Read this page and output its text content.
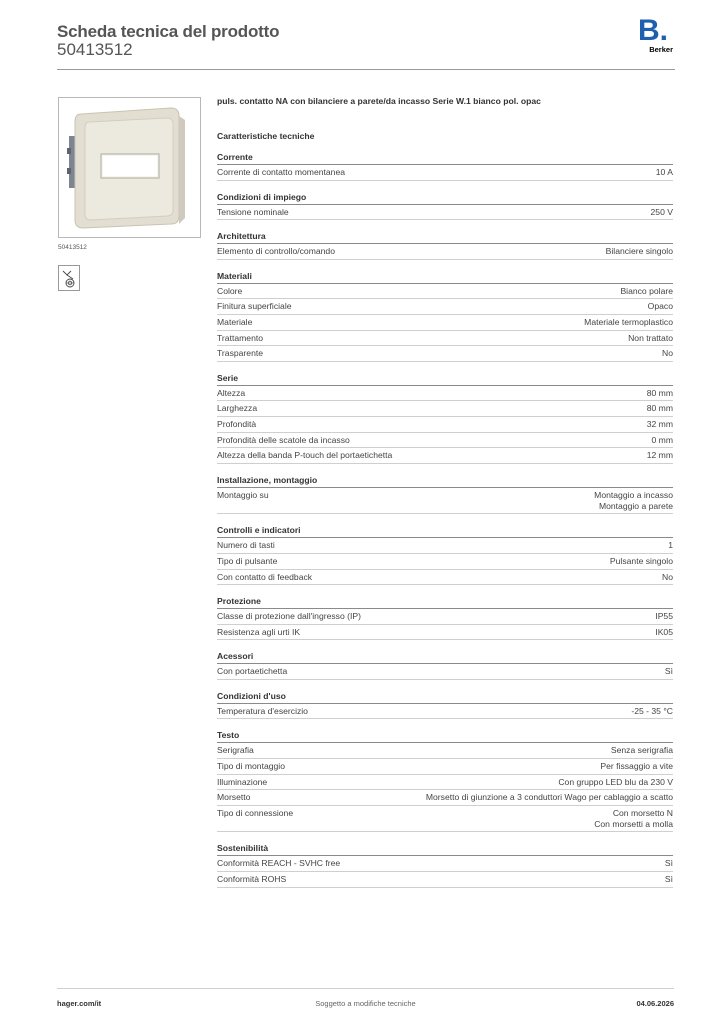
Scheda tecnica del prodotto
50413512
B.
Berker
50413512
puls. contatto NA con bilanciere a parete/da incasso Serie W.1 bianco pol. opac
Caratteristiche tecniche
Corrente
Corrente di contatto momentanea	10 A
Condizioni di impiego
Tensione nominale	250 V
Architettura
Elemento di controllo/comando	Bilanciere singolo
Materiali
Colore	Bianco polare
Finitura superficiale	Opaco
Materiale	Materiale termoplastico
Trattamento	Non trattato
Trasparente	No
Serie
Altezza	80 mm
Larghezza	80 mm
Profondità	32 mm
Profondità delle scatole da incasso	0 mm
Altezza della banda P-touch del portaetichetta	12 mm
Installazione, montaggio
Montaggio su	Montaggio a incasso
Montaggio a parete
Controlli e indicatori
Numero di tasti	1
Tipo di pulsante	Pulsante singolo
Con contatto di feedback	No
Protezione
Classe di protezione dall'ingresso (IP)	IP55
Resistenza agli urti IK	IK05
Acessori
Con portaetichetta	Sì
Condizioni d'uso
Temperatura d'esercizio	-25 - 35 °C
Testo
Serigrafia	Senza serigrafia
Tipo di montaggio	Per fissaggio a vite
Illuminazione	Con gruppo LED blu da 230 V
Morsetto	Morsetto di giunzione a 3 conduttori Wago per cablaggio a scatto
Tipo di connessione	Con morsetto N
Con morsetti a molla
Sostenibilità
Conformità REACH - SVHC free	Sì
Conformità ROHS	Sì
hager.com/it	Soggetto a modifiche tecniche	04.06.2026
